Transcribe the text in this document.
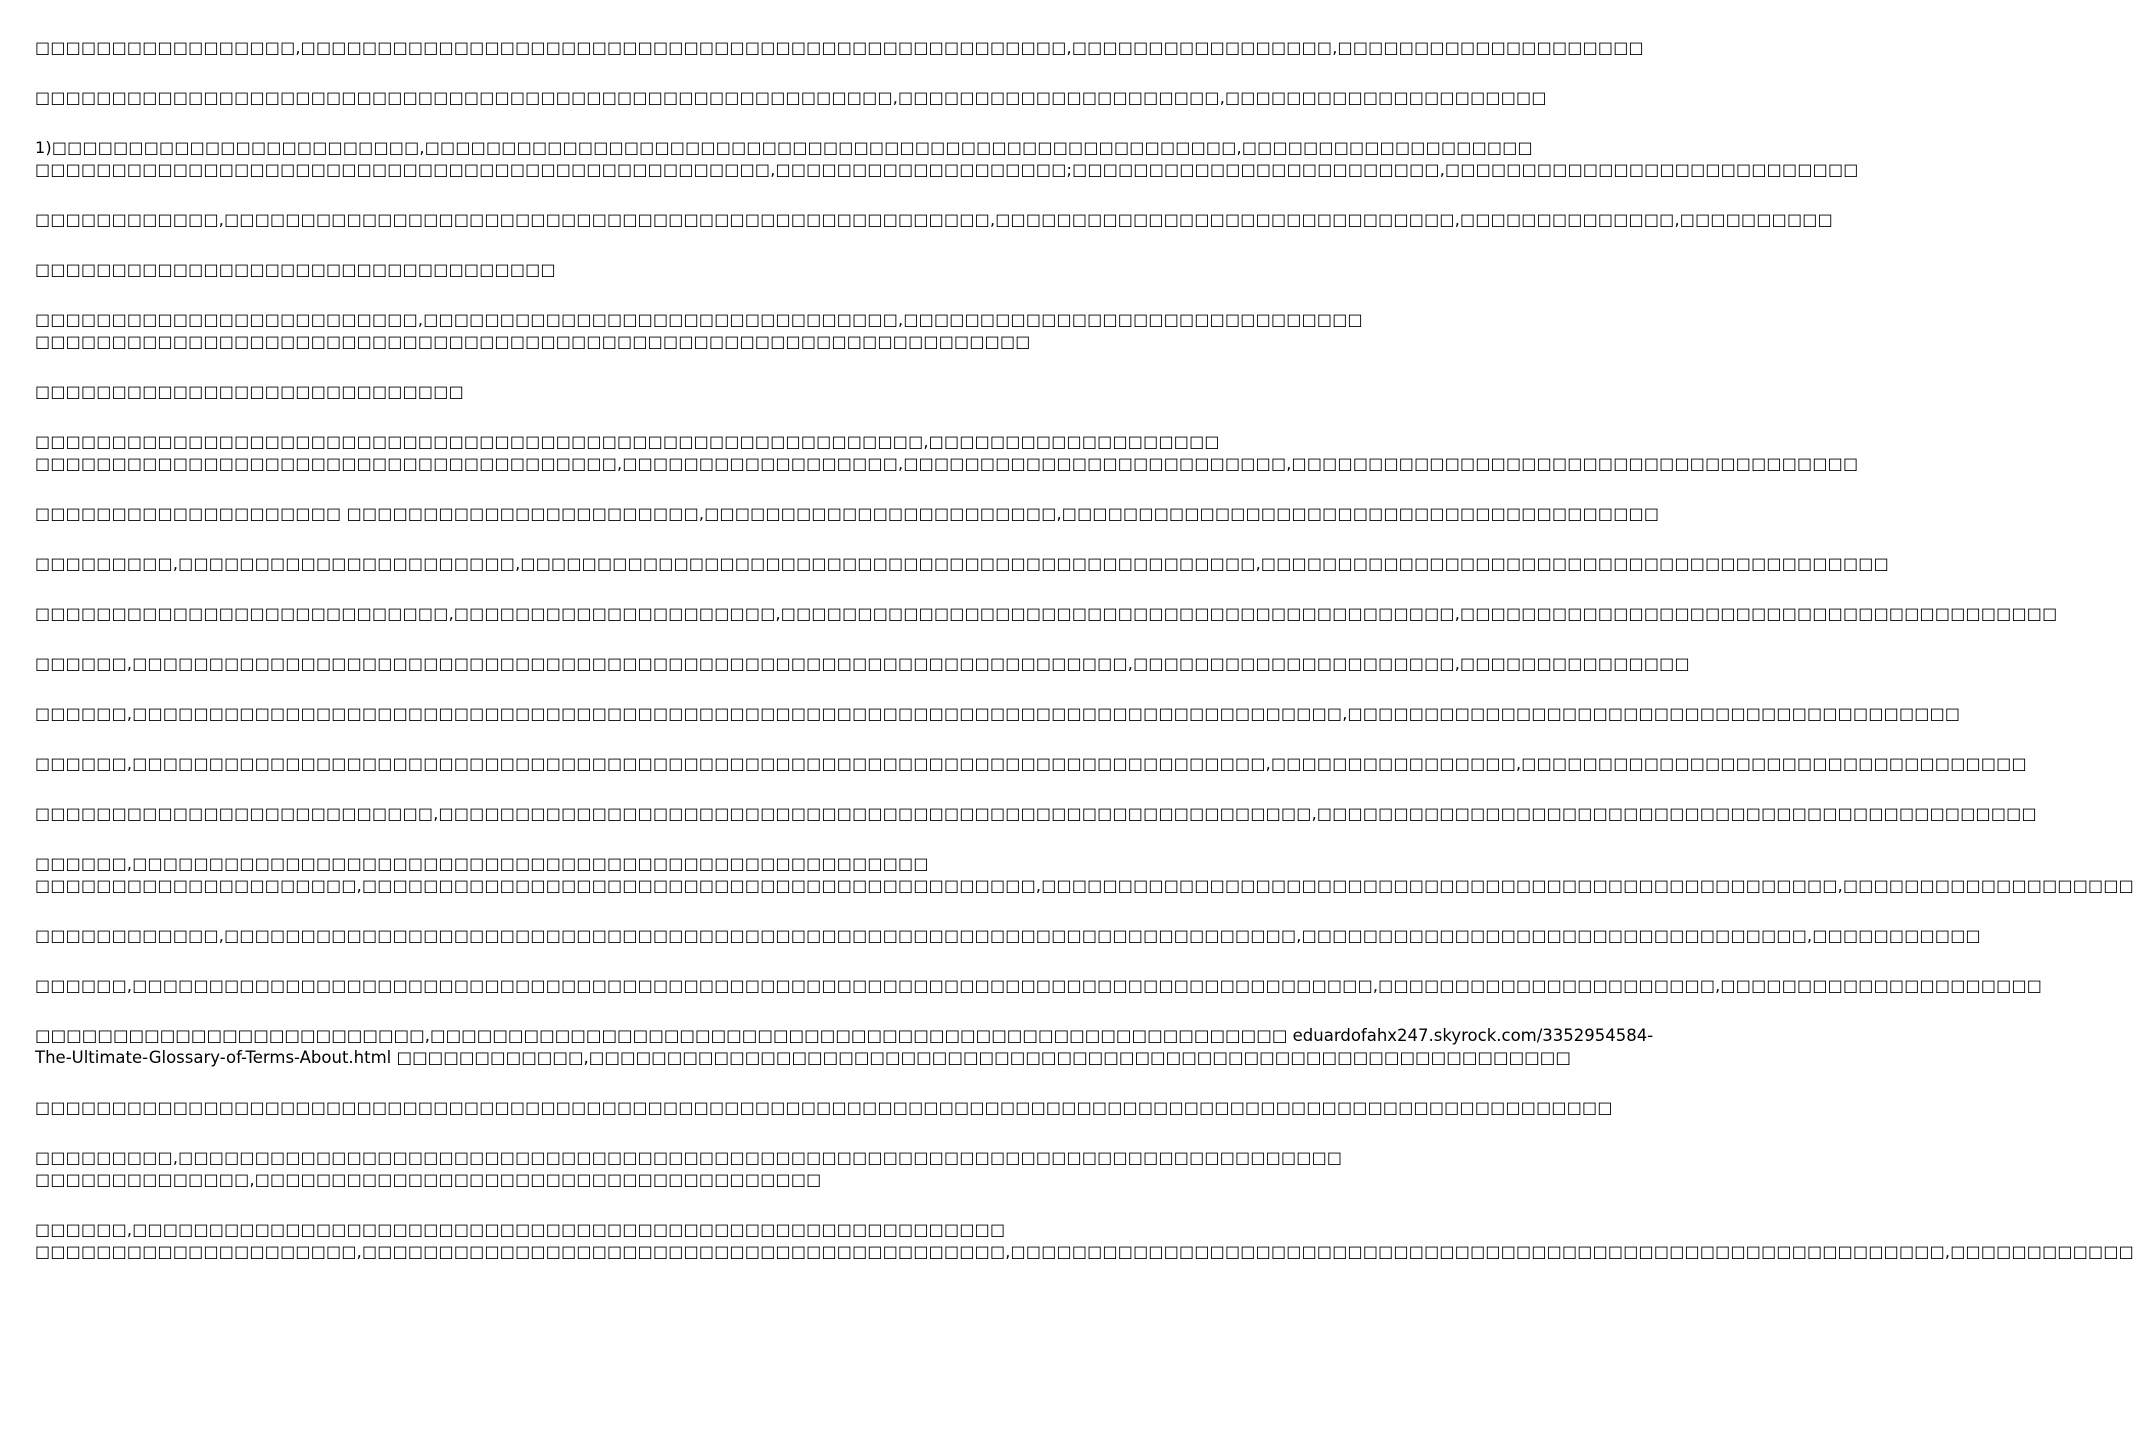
□□□□□□□□□□□□□□□□□,□□□□□□□□□□□□□□□□□□□□□□□□□□□□□□□□□□□□□□□□□□□□□□□□□□,□□□□□□□□□□□□□□□□□,□□□□□□□□□□□□□□□□□□□□
□□□□□□□□□□□□□□□□□□□□□□□□□□□□□□□□□□□□□□□□□□□□□□□□□□□□□□□□,□□□□□□□□□□□□□□□□□□□□□,□□□□□□□□□□□□□□□□□□□□□
1)□□□□□□□□□□□□□□□□□□□□□□□□,□□□□□□□□□□□□□□□□□□□□□□□□□□□□□□□□□□□□□□□□□□□□□□□□□□□□□,□□□□□□□□□□□□□□□□□□□
□□□□□□□□□□□□□□□□□□□□□□□□□□□□□□□□□□□□□□□□□□□□□□□□,□□□□□□□□□□□□□□□□□□□;□□□□□□□□□□□□□□□□□□□□□□□□,□□□□□□□□□□□□□□□□□□□□□□□□□□□
□□□□□□□□□□□□,□□□□□□□□□□□□□□□□□□□□□□□□□□□□□□□□□□□□□□□□□□□□□□□□□□,□□□□□□□□□□□□□□□□□□□□□□□□□□□□□□,□□□□□□□□□□□□□□,□□□□□□□□□□
□□□□□□□□□□□□□□□□□□□□□□□□□□□□□□□□□□
□□□□□□□□□□□□□□□□□□□□□□□□□,□□□□□□□□□□□□□□□□□□□□□□□□□□□□□□□,□□□□□□□□□□□□□□□□□□□□□□□□□□□□□□
□□□□□□□□□□□□□□□□□□□□□□□□□□□□□□□□□□□□□□□□□□□□□□□□□□□□□□□□□□□□□□□□□
□□□□□□□□□□□□□□□□□□□□□□□□□□□□
□□□□□□□□□□□□□□□□□□□□□□□□□□□□□□□□□□□□□□□□□□□□□□□□□□□□□□□□□□,□□□□□□□□□□□□□□□□□□□
□□□□□□□□□□□□□□□□□□□□□□□□□□□□□□□□□□□□□□,□□□□□□□□□□□□□□□□□□,□□□□□□□□□□□□□□□□□□□□□□□□□,□□□□□□□□□□□□□□□□□□□□□□□□□□□□□□□□□□□□□
□□□□□□□□□□□□□□□□□□□□ □□□□□□□□□□□□□□□□□□□□□□□,□□□□□□□□□□□□□□□□□□□□□□□,□□□□□□□□□□□□□□□□□□□□□□□□□□□□□□□□□□□□□□□
□□□□□□□□□,□□□□□□□□□□□□□□□□□□□□□□,□□□□□□□□□□□□□□□□□□□□□□□□□□□□□□□□□□□□□□□□□□□□□□□□,□□□□□□□□□□□□□□□□□□□□□□□□□□□□□□□□□□□□□□□□□
□□□□□□□□□□□□□□□□□□□□□□□□□□□,□□□□□□□□□□□□□□□□□□□□□,□□□□□□□□□□□□□□□□□□□□□□□□□□□□□□□□□□□□□□□□□□□□,□□□□□□□□□□□□□□□□□□□□□□□□□□□□□□□□□□□□□□□
□□□□□□,□□□□□□□□□□□□□□□□□□□□□□□□□□□□□□□□□□□□□□□□□□□□□□□□□□□□□□□□□□□□□□□□□,□□□□□□□□□□□□□□□□□□□□□,□□□□□□□□□□□□□□□
□□□□□□,□□□□□□□□□□□□□□□□□□□□□□□□□□□□□□□□□□□□□□□□□□□□□□□□□□□□□□□□□□□□□□□□□□□□□□□□□□□□□□□,□□□□□□□□□□□□□□□□□□□□□□□□□□□□□□□□□□□□□□□□
□□□□□□,□□□□□□□□□□□□□□□□□□□□□□□□□□□□□□□□□□□□□□□□□□□□□□□□□□□□□□□□□□□□□□□□□□□□□□□□□□,□□□□□□□□□□□□□□□□,□□□□□□□□□□□□□□□□□□□□□□□□□□□□□□□□□
□□□□□□□□□□□□□□□□□□□□□□□□□□,□□□□□□□□□□□□□□□□□□□□□□□□□□□□□□□□□□□□□□□□□□□□□□□□□□□□□□□□□,□□□□□□□□□□□□□□□□□□□□□□□□□□□□□□□□□□□□□□□□□□□□□□□
□□□□□□,□□□□□□□□□□□□□□□□□□□□□□□□□□□□□□□□□□□□□□□□□□□□□□□□□□□□
□□□□□□□□□□□□□□□□□□□□□,□□□□□□□□□□□□□□□□□□□□□□□□□□□□□□□□□□□□□□□□□□□□,□□□□□□□□□□□□□□□□□□□□□□□□□□□□□□□□□□□□□□□□□□□□□□□□□□□□,□□□□□□□□□□□□□□□□□□□
□□□□□□□□□□□□,□□□□□□□□□□□□□□□□□□□□□□□□□□□□□□□□□□□□□□□□□□□□□□□□□□□□□□□□□□□□□□□□□□□□□□,□□□□□□□□□□□□□□□□□□□□□□□□□□□□□□□□□,□□□□□□□□□□□
□□□□□□,□□□□□□□□□□□□□□□□□□□□□□□□□□□□□□□□□□□□□□□□□□□□□□□□□□□□□□□□□□□□□□□□□□□□□□□□□□□□□□□□□,□□□□□□□□□□□□□□□□□□□□□□,□□□□□□□□□□□□□□□□□□□□□
□□□□□□□□□□□□□□□□□□□□□□□□□,□□□□□□□□□□□□□□□□□□□□□□□□□□□□□□□□□□□□□□□□□□□□□□□□□□□□□□□ eduardofahx247.skyrock.com/3352954584-
The-Ultimate-Glossary-of-Terms-About.html □□□□□□□□□□□□,□□□□□□□□□□□□□□□□□□□□□□□□□□□□□□□□□□□□□□□□□□□□□□□□□□□□□□□□□□□□□□□
□□□□□□□□□□□□□□□□□□□□□□□□□□□□□□□□□□□□□□□□□□□□□□□□□□□□□□□□□□□□□□□□□□□□□□□□□□□□□□□□□□□□□□□□□□□□□□□□□□□□□□□
□□□□□□□□□,□□□□□□□□□□□□□□□□□□□□□□□□□□□□□□□□□□□□□□□□□□□□□□□□□□□□□□□□□□□□□□□□□□□□□□□□□□□□
□□□□□□□□□□□□□□,□□□□□□□□□□□□□□□□□□□□□□□□□□□□□□□□□□□□□
□□□□□□,□□□□□□□□□□□□□□□□□□□□□□□□□□□□□□□□□□□□□□□□□□□□□□□□□□□□□□□□□
□□□□□□□□□□□□□□□□□□□□□,□□□□□□□□□□□□□□□□□□□□□□□□□□□□□□□□□□□□□□□□□□,□□□□□□□□□□□□□□□□□□□□□□□□□□□□□□□□□□□□□□□□□□□□□□□□□□□□□□□□□□□□□,□□□□□□□□□□□□
